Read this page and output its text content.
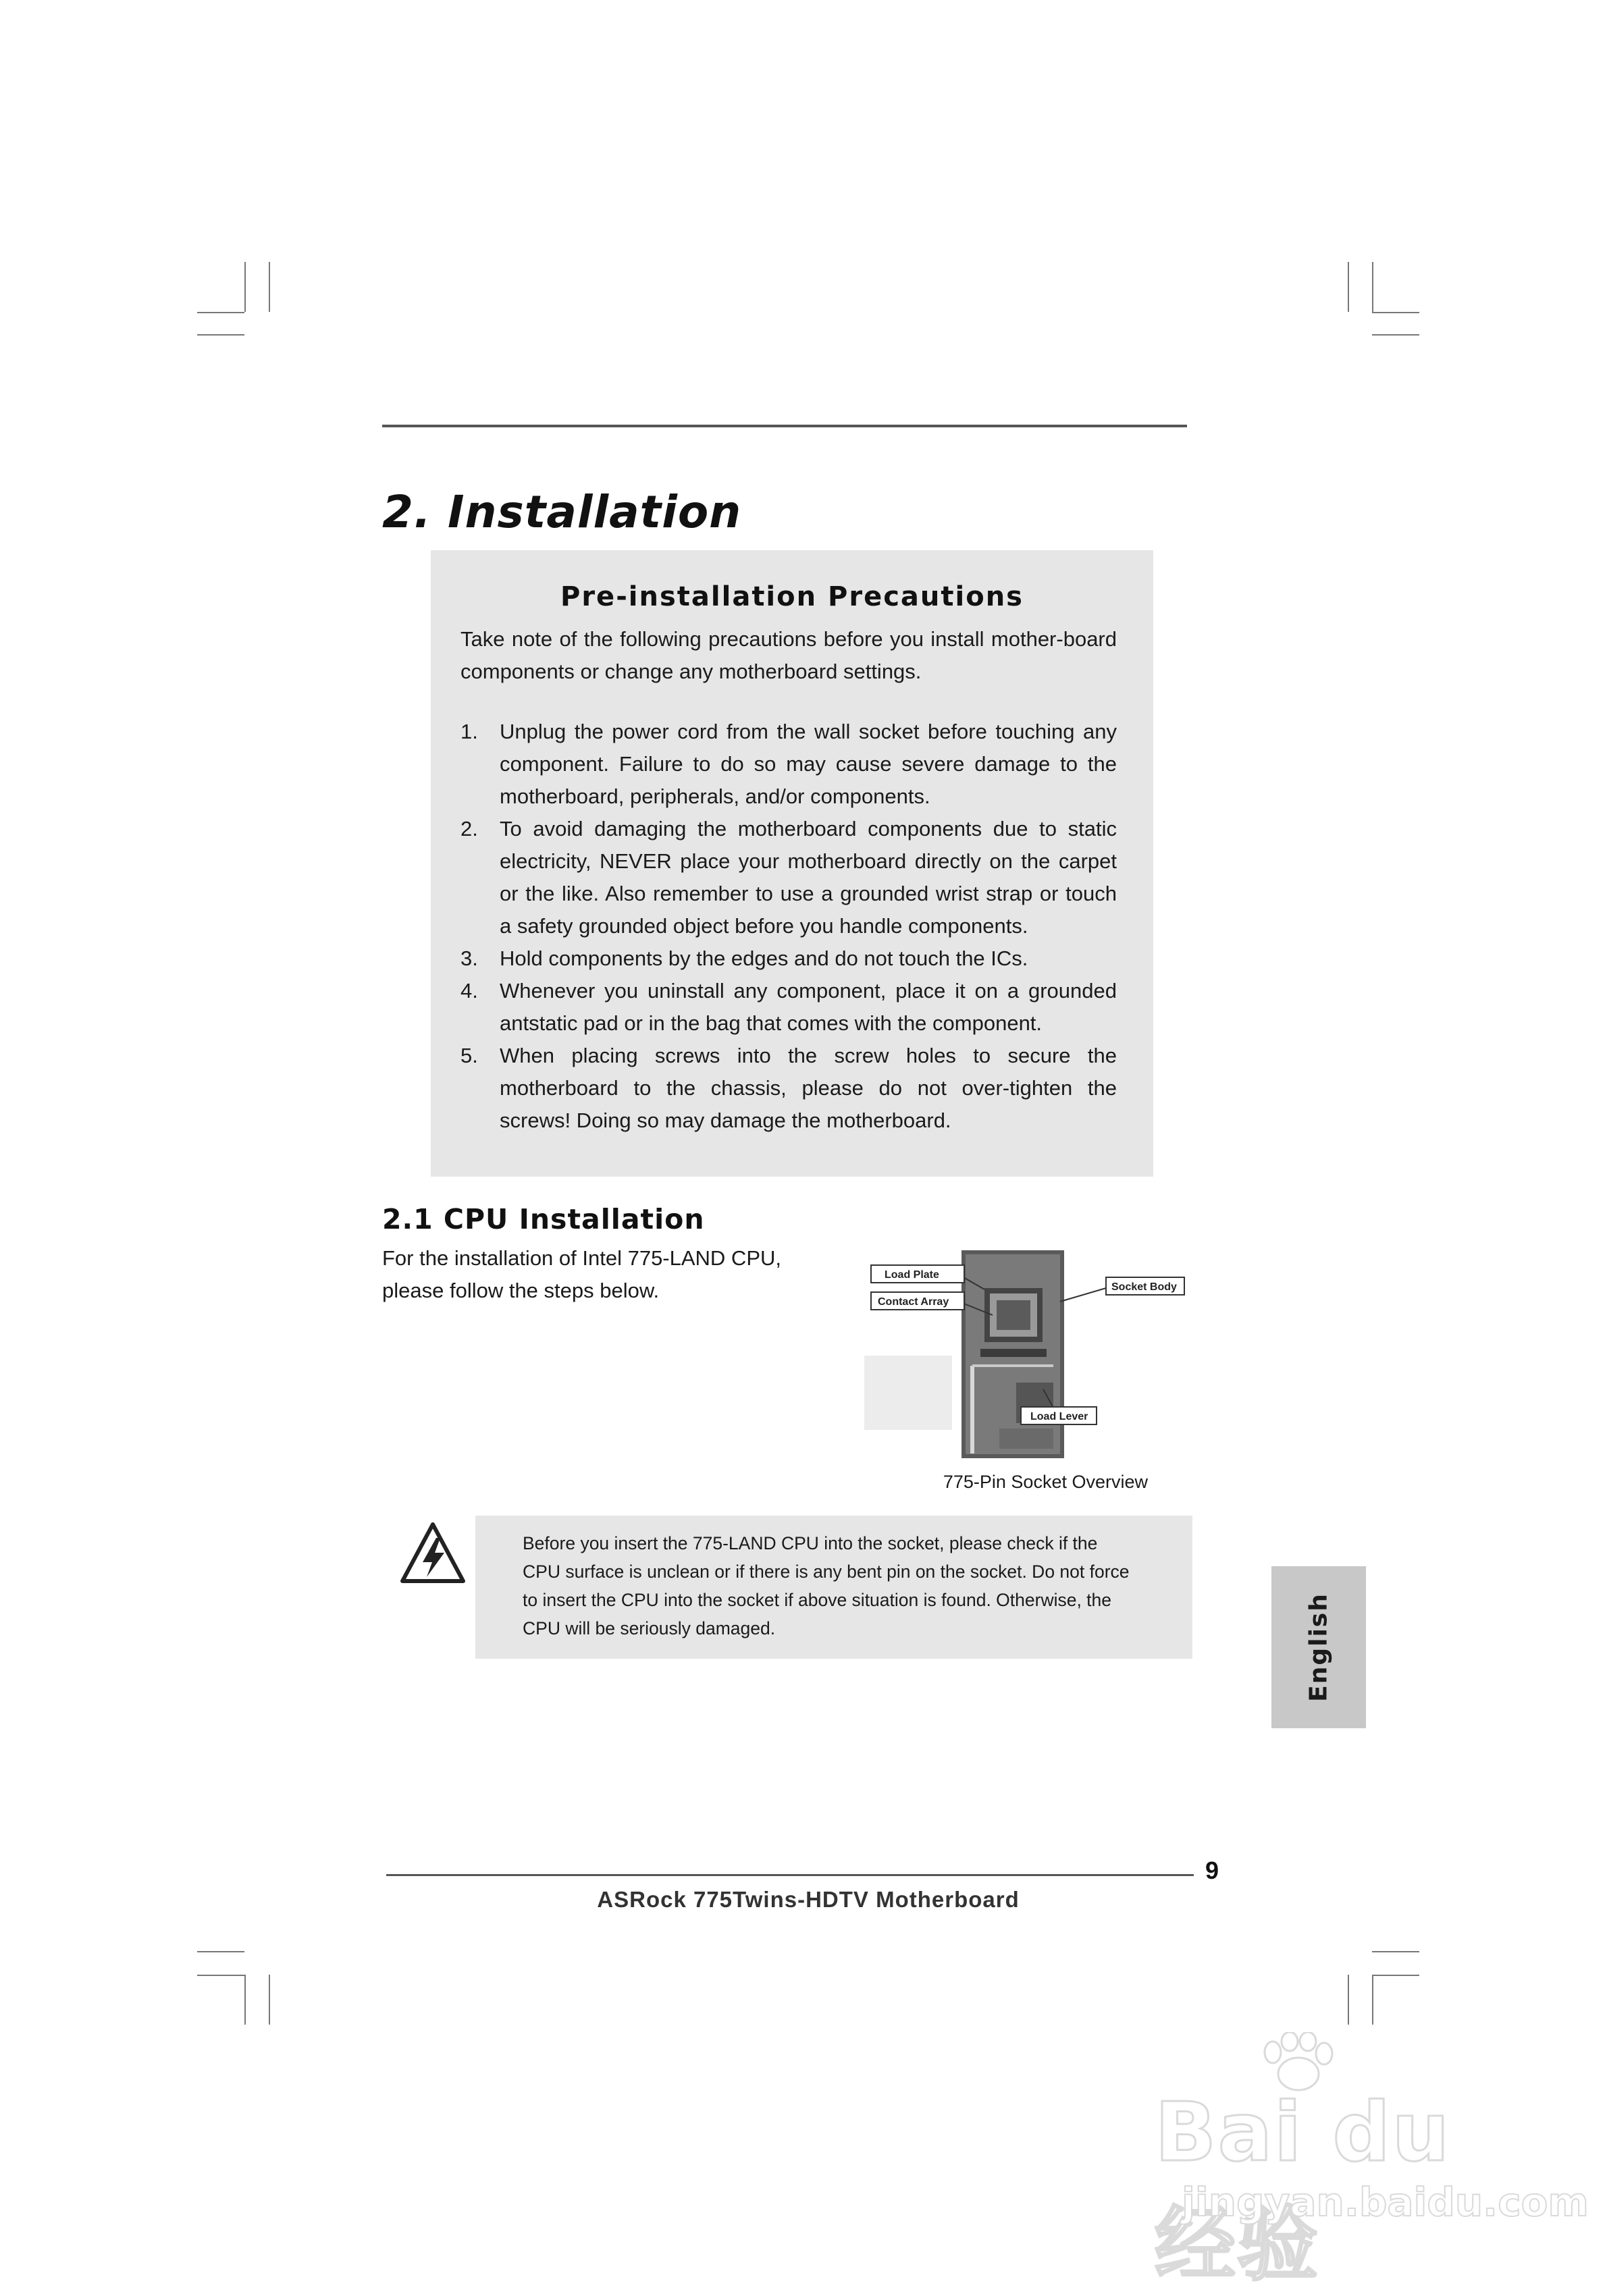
2. Installation
Pre-installation Precautions
Take note of the following precautions before you install mother-board components or change any motherboard settings.
1. Unplug the power cord from the wall socket before touching any component. Failure to do so may cause severe damage to the motherboard, peripherals, and/or components.
2. To avoid damaging the motherboard components due to static electricity, NEVER place your motherboard directly on the carpet or the like. Also remember to use a grounded wrist strap or touch a safety grounded object before you handle components.
3. Hold components by the edges and do not touch the ICs.
4. Whenever you uninstall any component, place it on a grounded antstatic pad or in the bag that comes with the component.
5. When placing screws into the screw holes to secure the motherboard to the chassis, please do not over-tighten the screws! Doing so may damage the motherboard.
2.1 CPU Installation
For the installation of Intel 775-LAND CPU, please follow the steps below.
Load Plate
Contact Array
Socket Body
Load Lever
775-Pin Socket Overview
Before you insert the 775-LAND CPU into the socket, please check if the CPU surface is unclean or if there is any bent pin on the socket. Do not force to insert the CPU into the socket if above situation is found. Otherwise, the CPU will be seriously damaged.	English
9
ASRock 775Twins-HDTV Motherboard
Bai du 经验
jingyan.baidu.com
